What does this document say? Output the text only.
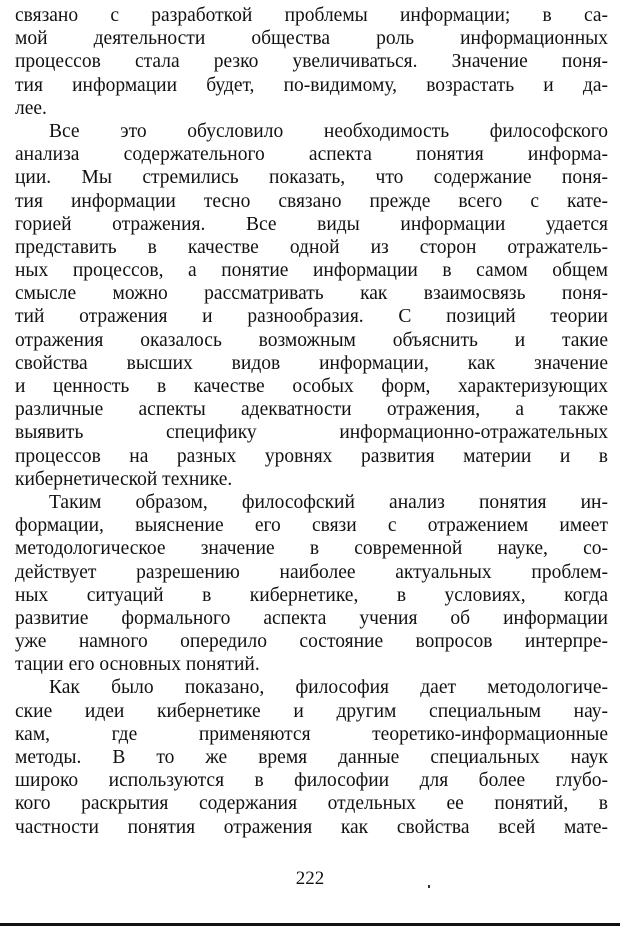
связано с разработкой проблемы информации; в са-
мой деятельности общества роль информационных
процессов стала резко увеличиваться. Значение поня-
тия информации будет, по-видимому, возрастать и да-
лее.
Все это обусловило необходимость философского
анализа содержательного аспекта понятия информа-
ции. Мы стремились показать, что содержание поня-
тия информации тесно связано прежде всего с кате-
горией отражения. Все виды информации удается
представить в качестве одной из сторон отражатель-
ных процессов, а понятие информации в самом общем
смысле можно рассматривать как взаимосвязь поня-
тий отражения и разнообразия. С позиций теории
отражения оказалось возможным объяснить и такие
свойства высших видов информации, как значение
и ценность в качестве особых форм, характеризующих
различные аспекты адекватности отражения, а также
выявить специфику информационно-отражательных
процессов на разных уровнях развития материи и в
кибернетической технике.
Таким образом, философский анализ понятия ин-
формации, выяснение его связи с отражением имеет
методологическое значение в современной науке, со-
действует разрешению наиболее актуальных проблем-
ных ситуаций в кибернетике, в условиях, когда
развитие формального аспекта учения об информации
уже намного опередило состояние вопросов интерпре-
тации его основных понятий.
Как было показано, философия дает методологиче-
ские идеи кибернетике и другим специальным нау-
кам, где применяются теоретико-информационные
методы. В то же время данные специальных наук
широко используются в философии для более глубо-
кого раскрытия содержания отдельных ее понятий, в
частности понятия отражения как свойства всей мате-
222
